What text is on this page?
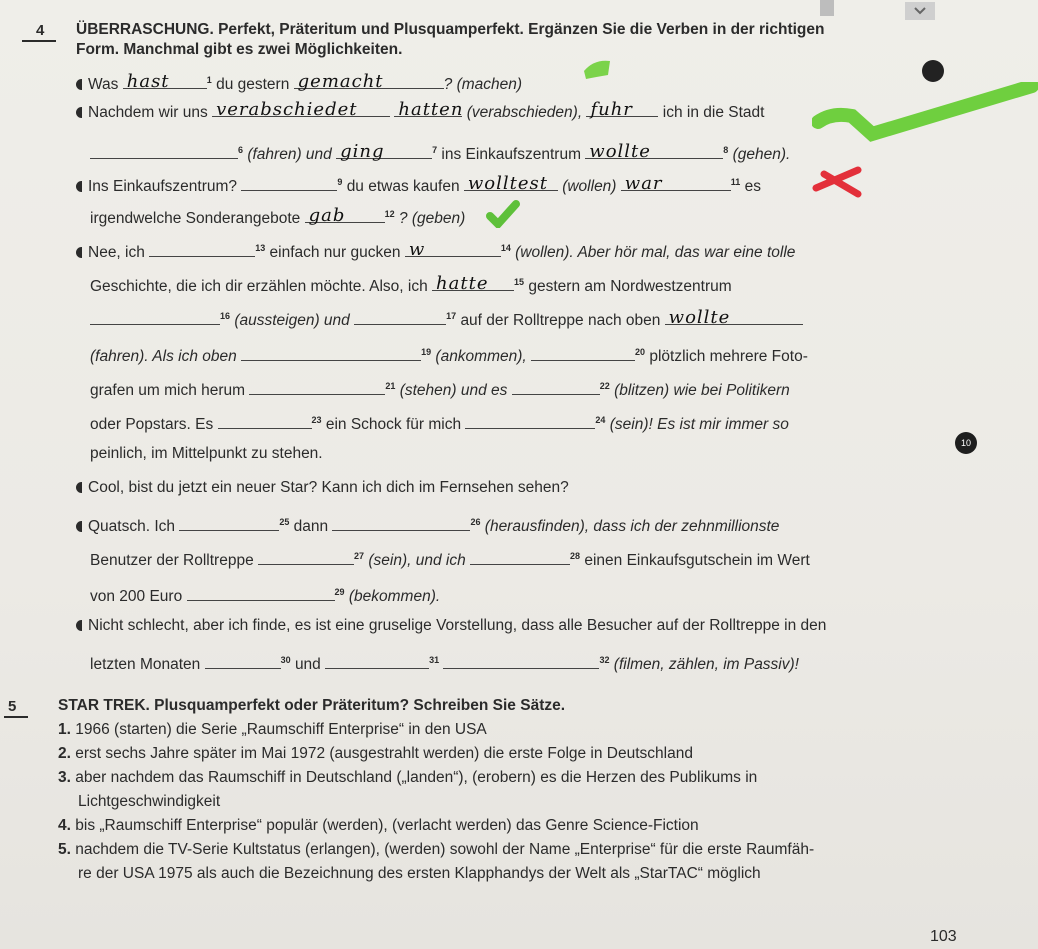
4 ÜBERRASCHUNG. Perfekt, Präteritum und Plusquamperfekt. Ergänzen Sie die Verben in der richtigen
Form. Manchmal gibt es zwei Möglichkeiten.
10
Was hast	$^1$ du gestern gemacht	? (machen)
Nachdem wir uns verabschiedet
hatten (verabschieden), fuhr ich in die Stadt
$^6$ (fahren) und ging	$^7$ ins Einkaufszentrum wollte	$^8$ (gehen).
Ins Einkaufszentrum?	$^9$ du etwas kaufen wolltest (wollen) war	$^{11}$ es
irgendwelche Sonderangebote gab	$^{12}$ ? (geben)
Nee, ich	$^{13}$ einfach nur gucken w	$^{14}$ (wollen). Aber hör mal, das war eine tolle
Geschichte, die ich dir erzählen möchte. Also, ich hatte	$^{15}$ gestern am Nordwestzentrum
$^{16}$ (aussteigen) und	$^{17}$ auf der Rolltreppe nach oben wollte
(fahren). Als ich oben	$^{19}$ (ankommen),	$^{20}$ plötzlich mehrere Foto-
grafen um mich herum	$^{21}$ (stehen) und es	$^{22}$ (blitzen) wie bei Politikern
oder Popstars. Es	$^{23}$ ein Schock für mich	$^{24}$ (sein)! Es ist mir immer so
peinlich, im Mittelpunkt zu stehen.
Cool, bist du jetzt ein neuer Star? Kann ich dich im Fernsehen sehen?
Quatsch. Ich	$^{25}$ dann	$^{26}$ (herausfinden), dass ich der zehnmillionste
Benutzer der Rolltreppe	$^{27}$ (sein), und ich	$^{28}$ einen Einkaufsgutschein im Wert
von 200 Euro	$^{29}$ (bekommen).
Nicht schlecht, aber ich finde, es ist eine gruselige Vorstellung, dass alle Besucher auf der Rolltreppe in den
letzten Monaten	$^{30}$ und	$^{31}$	$^{32}$ (filmen, zählen, im Passiv)!
5	STAR TREK. Plusquamperfekt oder Präteritum? Schreiben Sie Sätze.
1. 1966 (starten) die Serie „Raumschiff Enterprise“ in den USA
2. erst sechs Jahre später im Mai 1972 (ausgestrahlt werden) die erste Folge in Deutschland
3. aber nachdem das Raumschiff in Deutschland („landen“), (erobern) es die Herzen des Publikums in
Lichtgeschwindigkeit
4. bis „Raumschiff Enterprise“ populär (werden), (verlacht werden) das Genre Science-Fiction
5. nachdem die TV-Serie Kultstatus (erlangen), (werden) sowohl der Name „Enterprise“ für die erste Raumfäh-
re der USA 1975 als auch die Bezeichnung des ersten Klapphandys der Welt als „StarTAC“ möglich
103
